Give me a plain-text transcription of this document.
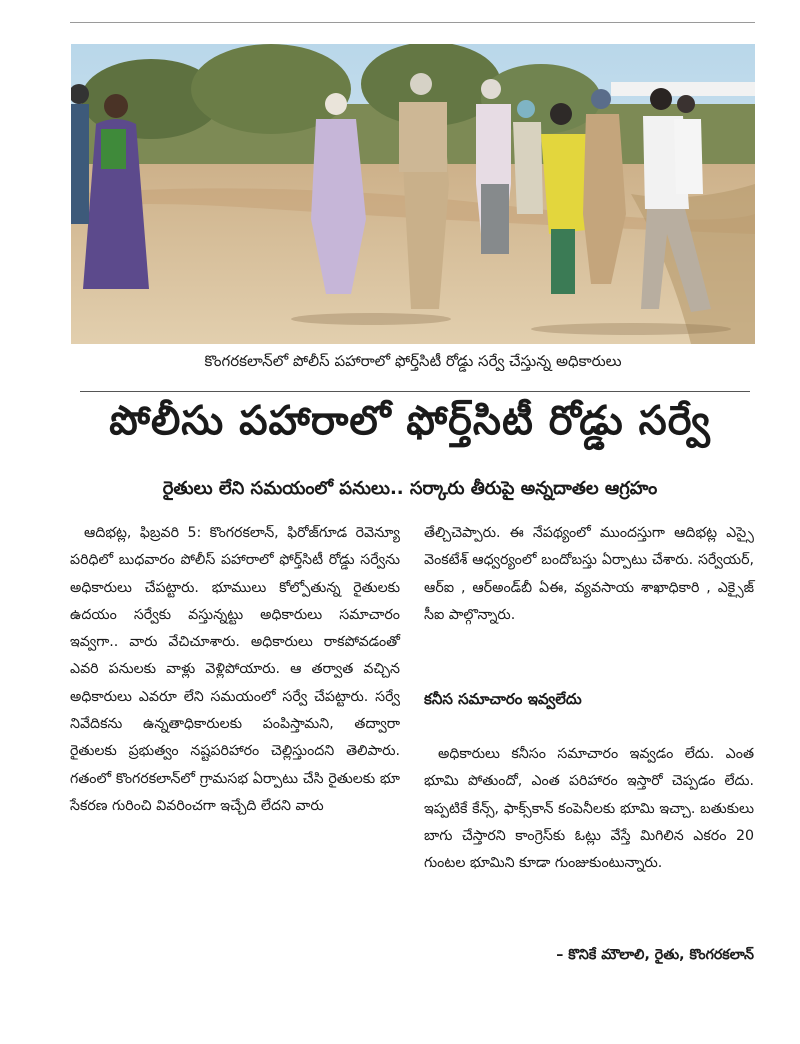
కొంగరకలాన్‌లో పోలీస్ పహారాలో ఫోర్త్‌సిటీ రోడ్డు సర్వే చేస్తున్న అధికారులు
పోలీసు పహారాలో ఫోర్త్‌సిటీ రోడ్డు సర్వే
రైతులు లేని సమయంలో పనులు.. సర్కారు తీరుపై అన్నదాతల ఆగ్రహం
ఆదిభట్ల, ఫిబ్రవరి 5: కొంగరకలాన్, ఫిరోజ్‌గూడ రెవెన్యూ పరిధిలో బుధవారం పోలీస్ పహారాలో ఫోర్త్‌సిటీ రోడ్డు సర్వేను అధికారులు చేపట్టారు. భూములు కోల్పోతున్న రైతులకు ఉదయం సర్వేకు వస్తున్నట్టు అధికారులు సమాచారం ఇవ్వగా.. వారు వేచిచూశారు. అధికారులు రాకపోవడంతో ఎవరి పనులకు వాళ్లు వెళ్లిపోయారు. ఆ తర్వాత వచ్చిన అధికారులు ఎవరూ లేని సమయంలో సర్వే చేపట్టారు. సర్వే నివేదికను ఉన్నతాధికారులకు పంపిస్తామని, తద్వారా రైతులకు ప్రభుత్వం నష్టపరిహారం చెల్లిస్తుందని తెలిపారు. గతంలో కొంగరకలాన్‌లో గ్రామసభ ఏర్పాటు చేసి రైతులకు భూ సేకరణ గురించి వివరించగా ఇచ్చేది లేదని వారు
తేల్చిచెప్పారు. ఈ నేపథ్యంలో ముందస్తుగా ఆదిభట్ల ఎస్సై వెంకటేశ్ ఆధ్వర్యంలో బందోబస్తు ఏర్పాటు చేశారు. సర్వేయర్, ఆర్ఐ , ఆర్‌అండ్‌బీ ఏఈ, వ్యవసాయ శాఖాధికారి , ఎక్సైజ్ సీఐ పాల్గొన్నారు.
కనీస సమాచారం ఇవ్వలేదు
అధికారులు కనీసం సమాచారం ఇవ్వడం లేదు. ఎంత భూమి పోతుందో, ఎంత పరిహారం ఇస్తారో చెప్పడం లేదు. ఇప్పటికే కేన్స్, ఫాక్స్‌కాన్ కంపెనీలకు భూమి ఇచ్చా. బతుకులు బాగు చేస్తారని కాంగ్రెస్‌కు ఓట్లు వేస్తే మిగిలిన ఎకరం 20 గుంటల భూమిని కూడా గుంజుకుంటున్నారు.
– కొనికే మౌలాలి, రైతు, కొంగరకలాన్
